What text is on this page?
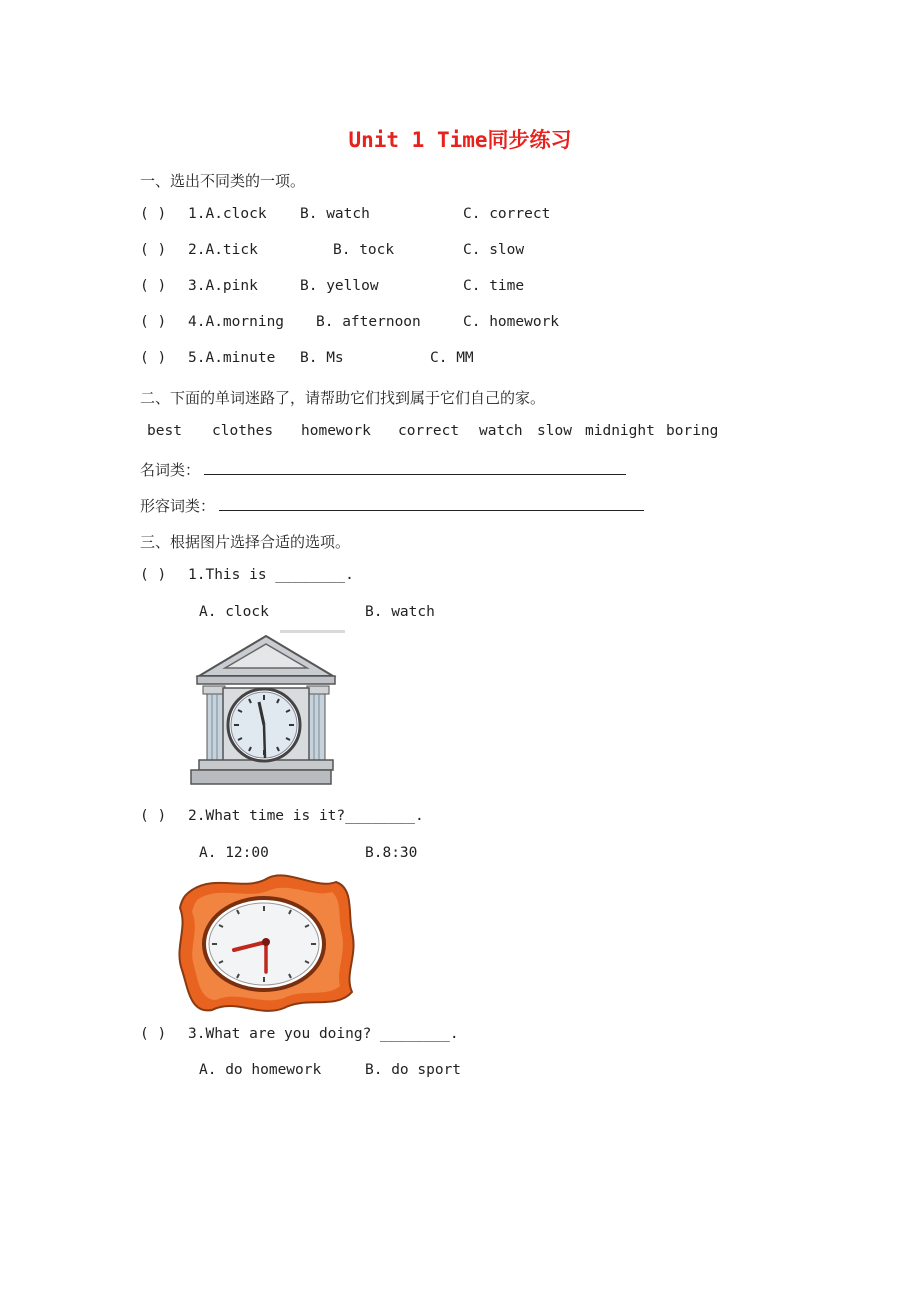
Unit 1 Time同步练习
一、选出不同类的一项。
( ) 1.A.clock B. watch	C. correct
( ) 2.A.tick	B. tock	C. slow
( ) 3.A.pink	B. yellow	C. time
( ) 4.A.morning B. afternoon	C. homework
( ) 5.A.minute B. Ms	C. MM
二、下面的单词迷路了，请帮助它们找到属于它们自己的家。
best clothes homework correct watch slow midnight boring
名词类：
形容词类：
三、根据图片选择合适的选项。
( ) 1.This is ________.
A. clock	B. watch
( ) 2.What time is it?________.
A. 12:00	B.8:30
( ) 3.What are you doing? ________.
A. do homework	B. do sport
